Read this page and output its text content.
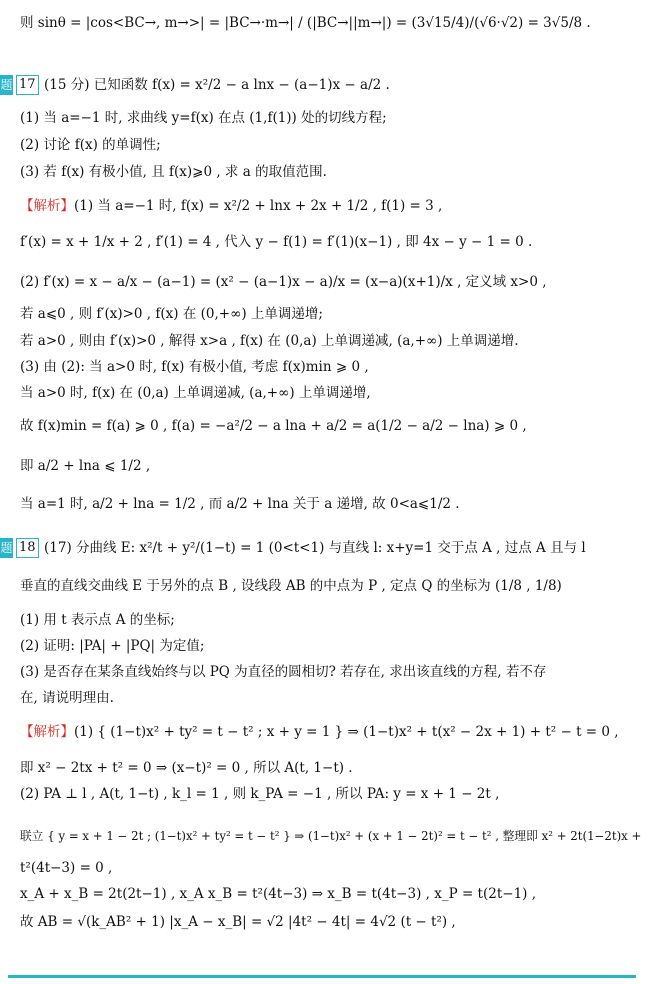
则 sinθ = |cos<BC→, m→>| = |BC→·m→| / (|BC→||m→|) = (3√15/4)/(√6·√2) = 3√5/8 .
题 17 (15 分) 已知函数 f(x) = x²/2 − a lnx − (a−1)x − a/2 .
(1) 当 a=−1 时, 求曲线 y=f(x) 在点 (1,f(1)) 处的切线方程;
(2) 讨论 f(x) 的单调性;
(3) 若 f(x) 有极小值, 且 f(x)⩾0 , 求 a 的取值范围.
【解析】(1) 当 a=−1 时, f(x) = x²/2 + lnx + 2x + 1/2 , f(1) = 3 ,
f′(x) = x + 1/x + 2 , f′(1) = 4 , 代入 y − f(1) = f′(1)(x−1) , 即 4x − y − 1 = 0 .
(2) f′(x) = x − a/x − (a−1) = (x² − (a−1)x − a)/x = (x−a)(x+1)/x , 定义域 x>0 ,
若 a⩽0 , 则 f′(x)>0 , f(x) 在 (0,+∞) 上单调递增;
若 a>0 , 则由 f′(x)>0 , 解得 x>a , f(x) 在 (0,a) 上单调递减, (a,+∞) 上单调递增.
(3) 由 (2): 当 a>0 时, f(x) 有极小值, 考虑 f(x)min ⩾ 0 ,
当 a>0 时, f(x) 在 (0,a) 上单调递减, (a,+∞) 上单调递增,
故 f(x)min = f(a) ⩾ 0 , f(a) = −a²/2 − a lna + a/2 = a(1/2 − a/2 − lna) ⩾ 0 ,
即 a/2 + lna ⩽ 1/2 ,
当 a=1 时, a/2 + lna = 1/2 , 而 a/2 + lna 关于 a 递增, 故 0<a⩽1/2 .
题 18 (17) 分曲线 E: x²/t + y²/(1−t) = 1 (0<t<1) 与直线 l: x+y=1 交于点 A , 过点 A 且与 l
垂直的直线交曲线 E 于另外的点 B , 设线段 AB 的中点为 P , 定点 Q 的坐标为 (1/8 , 1/8)
(1) 用 t 表示点 A 的坐标;
(2) 证明: |PA| + |PQ| 为定值;
(3) 是否存在某条直线始终与以 PQ 为直径的圆相切? 若存在, 求出该直线的方程, 若不存
在, 请说明理由.
【解析】(1) { (1−t)x² + ty² = t − t² ; x + y = 1 } ⇒ (1−t)x² + t(x² − 2x + 1) + t² − t = 0 ,
即 x² − 2tx + t² = 0 ⇒ (x−t)² = 0 , 所以 A(t, 1−t) .
(2) PA ⊥ l , A(t, 1−t) , k_l = 1 , 则 k_PA = −1 , 所以 PA: y = x + 1 − 2t ,
联立 { y = x + 1 − 2t ; (1−t)x² + ty² = t − t² } ⇒ (1−t)x² + (x + 1 − 2t)² = t − t² , 整理即 x² + 2t(1−2t)x +
t²(4t−3) = 0 ,
x_A + x_B = 2t(2t−1) , x_A x_B = t²(4t−3) ⇒ x_B = t(4t−3) , x_P = t(2t−1) ,
故 AB = √(k_AB² + 1) |x_A − x_B| = √2 |4t² − 4t| = 4√2 (t − t²) ,
